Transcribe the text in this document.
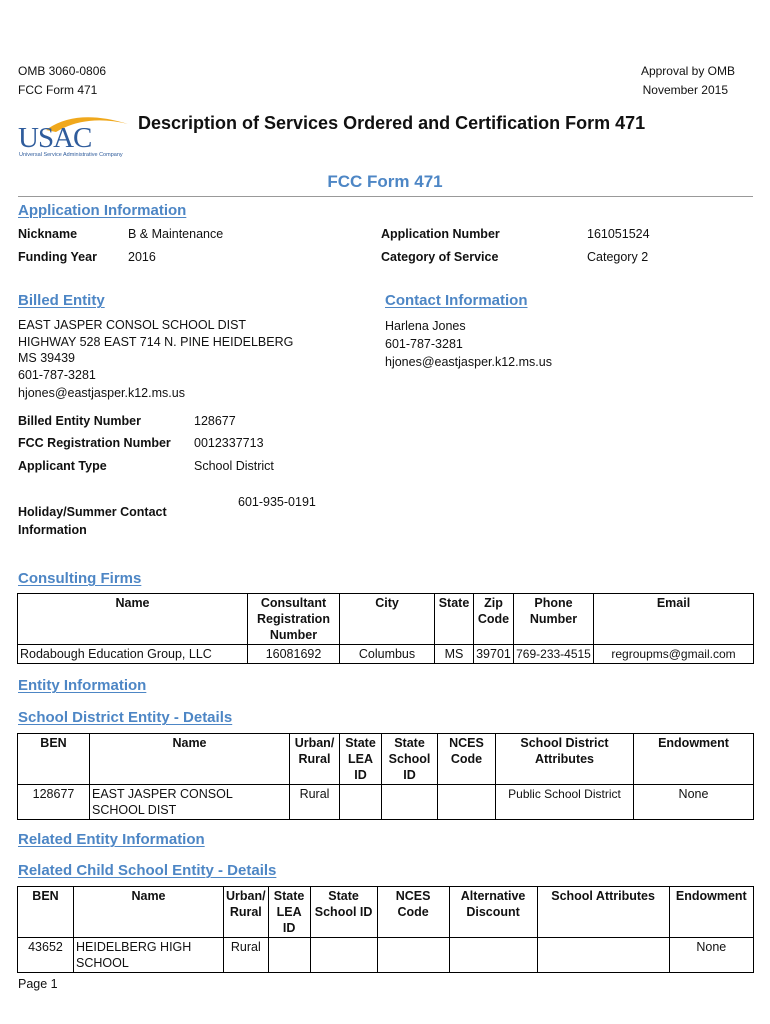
OMB 3060-0806
FCC Form 471
Approval by OMB
November 2015
USAC
Universal Service Administrative Company
Description of Services Ordered and Certification Form 471
FCC Form 471
Application Information
Nickname	B & Maintenance
Funding Year 2016
Application Number	161051524
Category of Service	Category 2
Billed Entity
EAST JASPER CONSOL SCHOOL DIST
HIGHWAY 528 EAST 714 N. PINE HEIDELBERG
MS 39439
601-787-3281
hjones@eastjasper.k12.ms.us
Contact Information
Harlena Jones
601-787-3281
hjones@eastjasper.k12.ms.us
Billed Entity Number	128677
FCC Registration Number 0012337713
Applicant Type	School District
Holiday/Summer Contact
Information
601-935-0191
Consulting Firms
Name	Consultant Registration Number	City	State	Zip Code	Phone Number	Email
Rodabough Education Group, LLC	16081692	Columbus	MS	39701	769-233-4515	regroupms@gmail.com
Entity Information
School District Entity - Details
BEN	Name	Urban/ Rural	State LEA ID	State School ID	NCES Code	School District Attributes	Endowment
128677	EAST JASPER CONSOL SCHOOL DIST	Rural				Public School District	None
Related Entity Information
Related Child School Entity - Details
BEN	Name	Urban/ Rural	State LEA ID	State School ID	NCES Code	Alternative Discount	School Attributes	Endowment
43652	HEIDELBERG HIGH SCHOOL	Rural						None
Page 1
